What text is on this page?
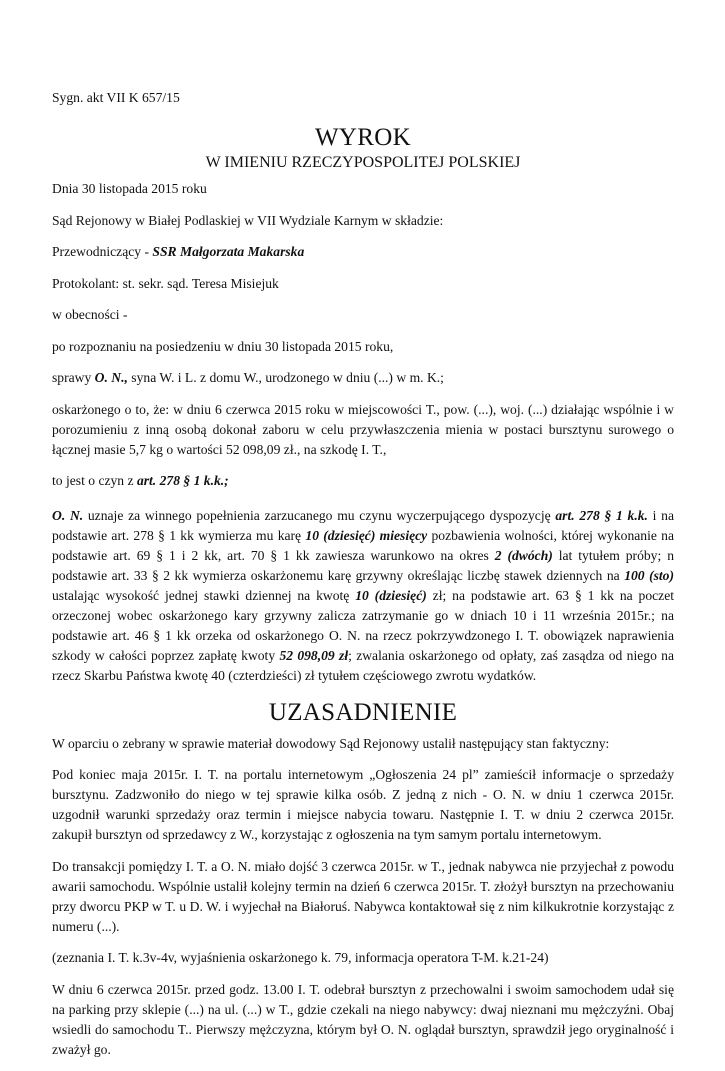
Sygn. akt VII K 657/15

WYROK

W IMIENIU RZECZYPOSPOLITEJ POLSKIEJ

Dnia 30 listopada 2015 roku

Sąd Rejonowy w Białej Podlaskiej w VII Wydziale Karnym w składzie:

Przewodniczący - SSR Małgorzata Makarska

Protokolant: st. sekr. sąd. Teresa Misiejuk

w obecności -

po rozpoznaniu na posiedzeniu w dniu 30 listopada 2015 roku,

sprawy O. N., syna W. i L. z domu W., urodzonego w dniu (...) w m. K.;

oskarżonego o to, że: w dniu 6 czerwca 2015 roku w miejscowości T., pow. (...), woj. (...) działając wspólnie i w porozumieniu z inną osobą dokonał zaboru w celu przywłaszczenia mienia w postaci bursztynu surowego o łącznej masie 5,7 kg o wartości 52 098,09 zł., na szkodę I. T.,

to jest o czyn z art. 278 § 1 k.k.;

O. N. uznaje za winnego popełnienia zarzucanego mu czynu wyczerpującego dyspozycję art. 278 § 1 k.k. i na podstawie art. 278 § 1 kk wymierza mu karę 10 (dziesięć) miesięcy pozbawienia wolności, której wykonanie na podstawie art. 69 § 1 i 2 kk, art. 70 § 1 kk zawiesza warunkowo na okres 2 (dwóch) lat tytułem próby; n podstawie art. 33 § 2 kk wymierza oskarżonemu karę grzywny określając liczbę stawek dziennych na 100 (sto) ustalając wysokość jednej stawki dziennej na kwotę 10 (dziesięć) zł; na podstawie art. 63 § 1 kk na poczet orzeczonej wobec oskarżonego kary grzywny zalicza zatrzymanie go w dniach 10 i 11 września 2015r.; na podstawie art. 46 § 1 kk orzeka od oskarżonego O. N. na rzecz pokrzywdzonego I. T. obowiązek naprawienia szkody w całości poprzez zapłatę kwoty 52 098,09 zł; zwalania oskarżonego od opłaty, zaś zasądza od niego na rzecz Skarbu Państwa kwotę 40 (czterdzieści) zł tytułem częściowego zwrotu wydatków.

UZASADNIENIE

W oparciu o zebrany w sprawie materiał dowodowy Sąd Rejonowy ustalił następujący stan faktyczny:

Pod koniec maja 2015r. I. T. na portalu internetowym „Ogłoszenia 24 pl” zamieścił informacje o sprzedaży bursztynu. Zadzwoniło do niego w tej sprawie kilka osób. Z jedną z nich - O. N. w dniu 1 czerwca 2015r. uzgodnił warunki sprzedaży oraz termin i miejsce nabycia towaru. Następnie I. T. w dniu 2 czerwca 2015r. zakupił bursztyn od sprzedawcy z W., korzystając z ogłoszenia na tym samym portalu internetowym.

Do transakcji pomiędzy I. T. a O. N. miało dojść 3 czerwca 2015r. w T., jednak nabywca nie przyjechał z powodu awarii samochodu. Wspólnie ustalił kolejny termin na dzień 6 czerwca 2015r. T. złożył bursztyn na przechowaniu przy dworcu PKP w T. u D. W. i wyjechał na Białoruś. Nabywca kontaktował się z nim kilkukrotnie korzystając z numeru (...).

(zeznania I. T. k.3v-4v, wyjaśnienia oskarżonego k. 79, informacja operatora T-M. k.21-24)

W dniu 6 czerwca 2015r. przed godz. 13.00 I. T. odebrał bursztyn z przechowalni i swoim samochodem udał się na parking przy sklepie (...) na ul. (...) w T., gdzie czekali na niego nabywcy: dwaj nieznani mu mężczyźni. Obaj wsiedli do samochodu T.. Pierwszy mężczyzna, którym był O. N. oglądał bursztyn, sprawdził jego oryginalność i zważył go.
